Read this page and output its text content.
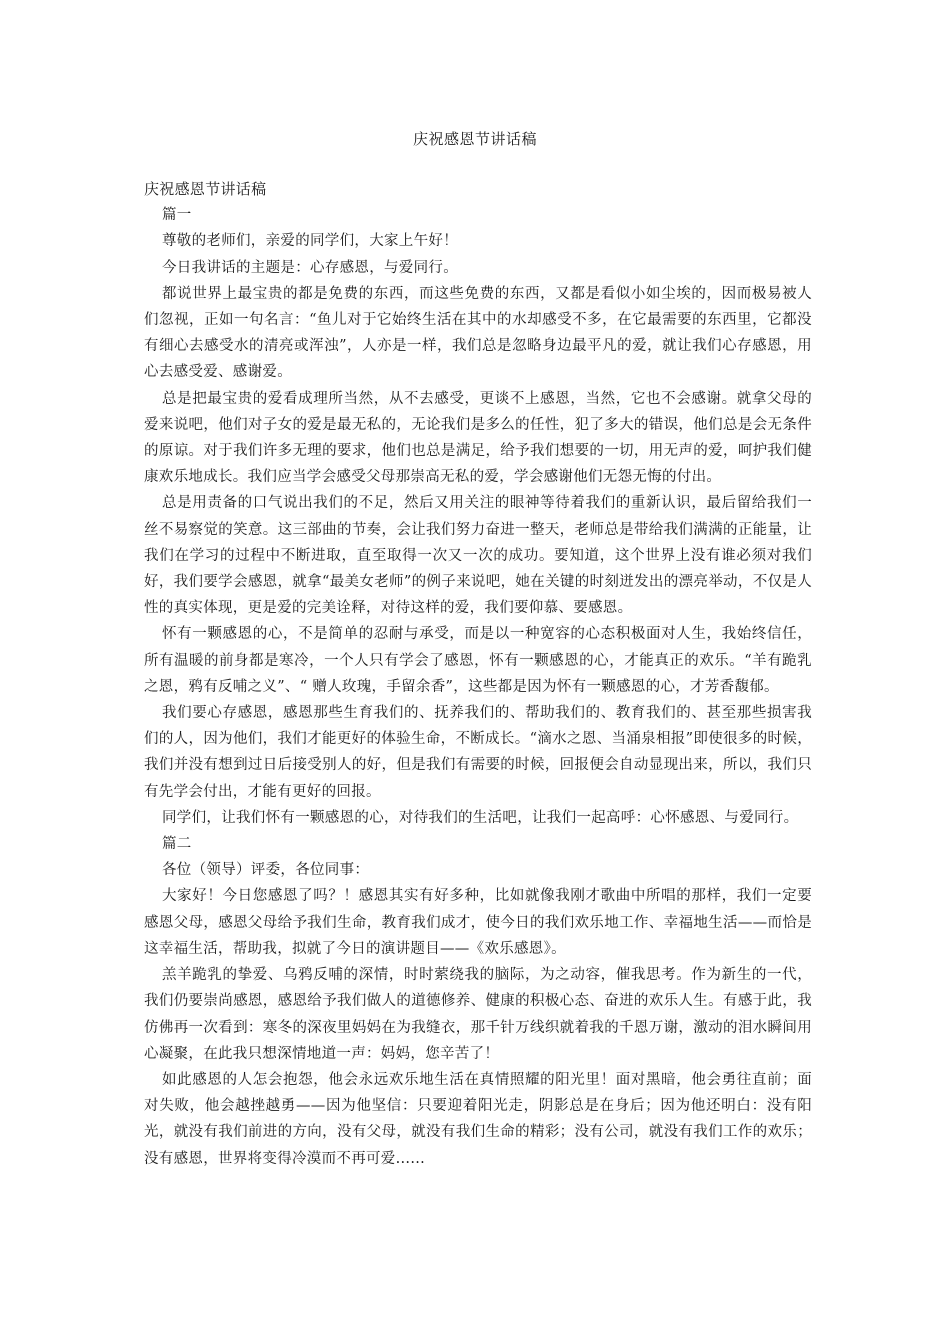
庆祝感恩节讲话稿

庆祝感恩节讲话稿

篇一

尊敬的老师们，亲爱的同学们，大家上午好！

今日我讲话的主题是：心存感恩，与爱同行。

都说世界上最宝贵的都是免费的东西，而这些免费的东西，又都是看似小如尘埃的，因而极易被人们忽视，正如一句名言：“鱼儿对于它始终生活在其中的水却感受不多，在它最需要的东西里，它都没有细心去感受水的清亮或浑浊”，人亦是一样，我们总是忽略身边最平凡的爱，就让我们心存感恩，用心去感受爱、感谢爱。

总是把最宝贵的爱看成理所当然，从不去感受，更谈不上感恩，当然，它也不会感谢。就拿父母的爱来说吧，他们对子女的爱是最无私的，无论我们是多么的任性，犯了多大的错误，他们总是会无条件的原谅。对于我们许多无理的要求，他们也总是满足，给予我们想要的一切，用无声的爱，呵护我们健康欢乐地成长。我们应当学会感受父母那崇高无私的爱，学会感谢他们无怨无悔的付出。

总是用责备的口气说出我们的不足，然后又用关注的眼神等待着我们的重新认识，最后留给我们一丝不易察觉的笑意。这三部曲的节奏，会让我们努力奋进一整天，老师总是带给我们满满的正能量，让我们在学习的过程中不断进取，直至取得一次又一次的成功。要知道，这个世界上没有谁必须对我们好，我们要学会感恩，就拿“最美女老师”的例子来说吧，她在关键的时刻迸发出的漂亮举动，不仅是人性的真实体现，更是爱的完美诠释，对待这样的爱，我们要仰慕、要感恩。

怀有一颗感恩的心，不是简单的忍耐与承受，而是以一种宽容的心态积极面对人生，我始终信任，所有温暖的前身都是寒冷，一个人只有学会了感恩，怀有一颗感恩的心，才能真正的欢乐。“羊有跪乳之恩，鸦有反哺之义”、“ 赠人玫瑰，手留余香”，这些都是因为怀有一颗感恩的心，才芳香馥郁。

我们要心存感恩，感恩那些生育我们的、抚养我们的、帮助我们的、教育我们的、甚至那些损害我们的人，因为他们，我们才能更好的体验生命，不断成长。“滴水之恩、当涌泉相报”即使很多的时候，我们并没有想到过日后接受别人的好，但是我们有需要的时候，回报便会自动显现出来，所以，我们只有先学会付出，才能有更好的回报。

同学们，让我们怀有一颗感恩的心，对待我们的生活吧，让我们一起高呼：心怀感恩、与爱同行。

篇二

各位（领导）评委，各位同事：

大家好！今日您感恩了吗？！感恩其实有好多种，比如就像我刚才歌曲中所唱的那样，我们一定要感恩父母，感恩父母给予我们生命，教育我们成才，使今日的我们欢乐地工作、幸福地生活——而恰是这幸福生活，帮助我，拟就了今日的演讲题目——《欢乐感恩》。

羔羊跪乳的挚爱、乌鸦反哺的深情，时时萦绕我的脑际，为之动容，催我思考。作为新生的一代，我们仍要崇尚感恩，感恩给予我们做人的道德修养、健康的积极心态、奋进的欢乐人生。有感于此，我仿佛再一次看到：寒冬的深夜里妈妈在为我缝衣，那千针万线织就着我的千恩万谢，激动的泪水瞬间用心凝聚，在此我只想深情地道一声：妈妈，您辛苦了！

如此感恩的人怎会抱怨，他会永远欢乐地生活在真情照耀的阳光里！面对黑暗，他会勇往直前；面对失败，他会越挫越勇——因为他坚信：只要迎着阳光走，阴影总是在身后；因为他还明白：没有阳光，就没有我们前进的方向，没有父母，就没有我们生命的精彩；没有公司，就没有我们工作的欢乐；没有感恩，世界将变得冷漠而不再可爱......
